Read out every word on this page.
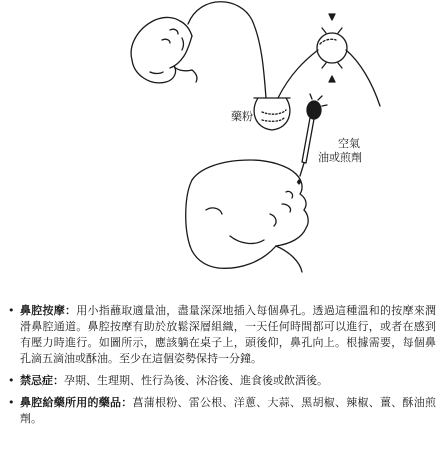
藥粉
空氣
油或煎劑
• 鼻腔按摩：用小指蘸取適量油，盡量深深地插入每個鼻孔。透過這種溫和的按摩來潤滑鼻腔通道。鼻腔按摩有助於放鬆深層組織，一天任何時間都可以進行，或者在感到有壓力時進行。如圖所示，應該躺在桌子上，頭後仰，鼻孔向上。根據需要，每個鼻孔滴五滴油或酥油。至少在這個姿勢保持一分鐘。
• 禁忌症：孕期、生理期、性行為後、沐浴後、進食後或飲酒後。
• 鼻腔給藥所用的藥品：菖蒲根粉、雷公根、洋蔥、大蒜、黑胡椒、辣椒、薑、酥油煎劑。
